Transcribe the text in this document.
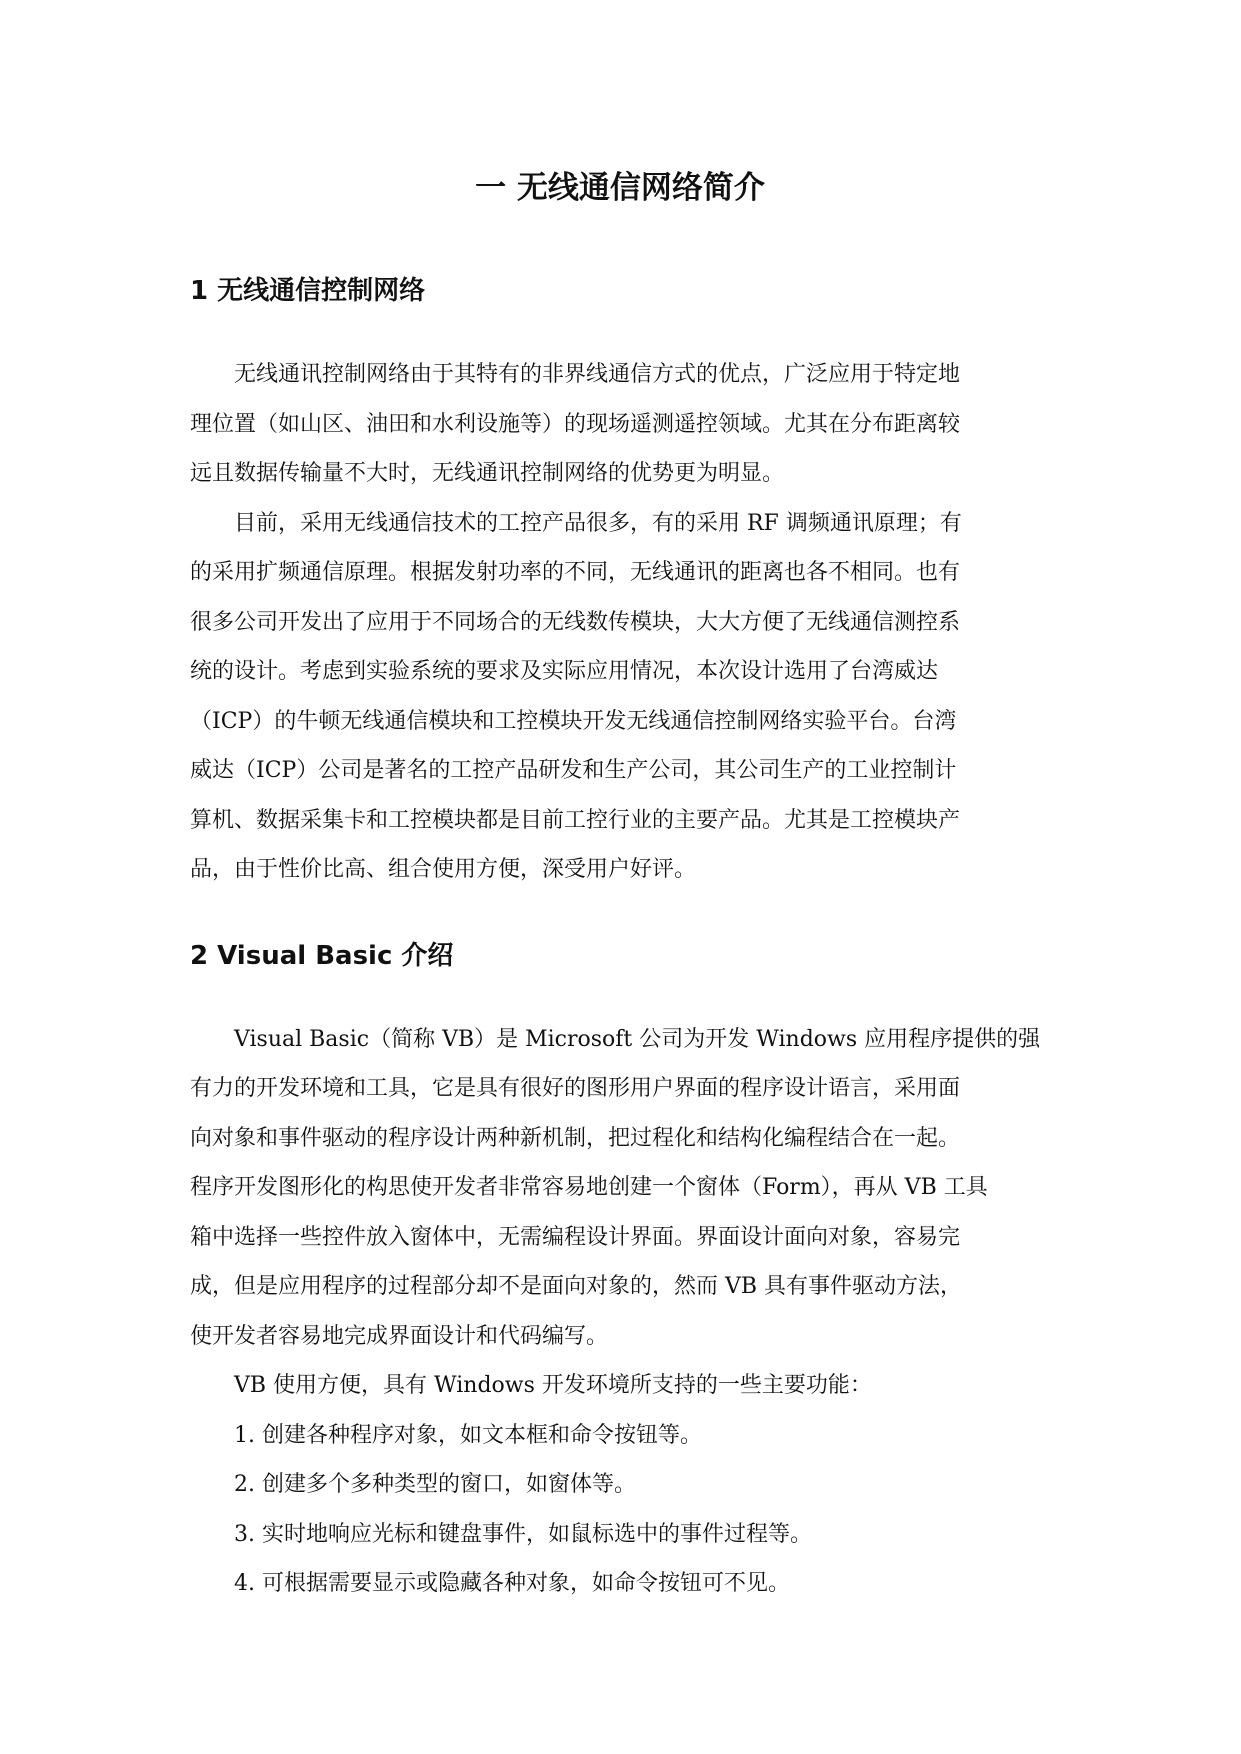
一 无线通信网络简介
1 无线通信控制网络

无线通讯控制网络由于其特有的非界线通信方式的优点，广泛应用于特定地
理位置（如山区、油田和水利设施等）的现场遥测遥控领域。尤其在分布距离较
远且数据传输量不大时，无线通讯控制网络的优势更为明显。

目前，采用无线通信技术的工控产品很多，有的采用 RF 调频通讯原理；有
的采用扩频通信原理。根据发射功率的不同，无线通讯的距离也各不相同。也有
很多公司开发出了应用于不同场合的无线数传模块，大大方便了无线通信测控系
统的设计。考虑到实验系统的要求及实际应用情况，本次设计选用了台湾威达
（ICP）的牛顿无线通信模块和工控模块开发无线通信控制网络实验平台。台湾
威达（ICP）公司是著名的工控产品研发和生产公司，其公司生产的工业控制计
算机、数据采集卡和工控模块都是目前工控行业的主要产品。尤其是工控模块产
品，由于性价比高、组合使用方便，深受用户好评。

2 Visual Basic 介绍

Visual Basic（简称 VB）是 Microsoft 公司为开发 Windows 应用程序提供的强
有力的开发环境和工具，它是具有很好的图形用户界面的程序设计语言，采用面
向对象和事件驱动的程序设计两种新机制，把过程化和结构化编程结合在一起。
程序开发图形化的构思使开发者非常容易地创建一个窗体（Form），再从 VB 工具
箱中选择一些控件放入窗体中，无需编程设计界面。界面设计面向对象，容易完
成，但是应用程序的过程部分却不是面向对象的，然而 VB 具有事件驱动方法，
使开发者容易地完成界面设计和代码编写。

VB 使用方便，具有 Windows 开发环境所支持的一些主要功能：

1. 创建各种程序对象，如文本框和命令按钮等。

2. 创建多个多种类型的窗口，如窗体等。

3. 实时地响应光标和键盘事件，如鼠标选中的事件过程等。

4. 可根据需要显示或隐藏各种对象，如命令按钮可不见。
